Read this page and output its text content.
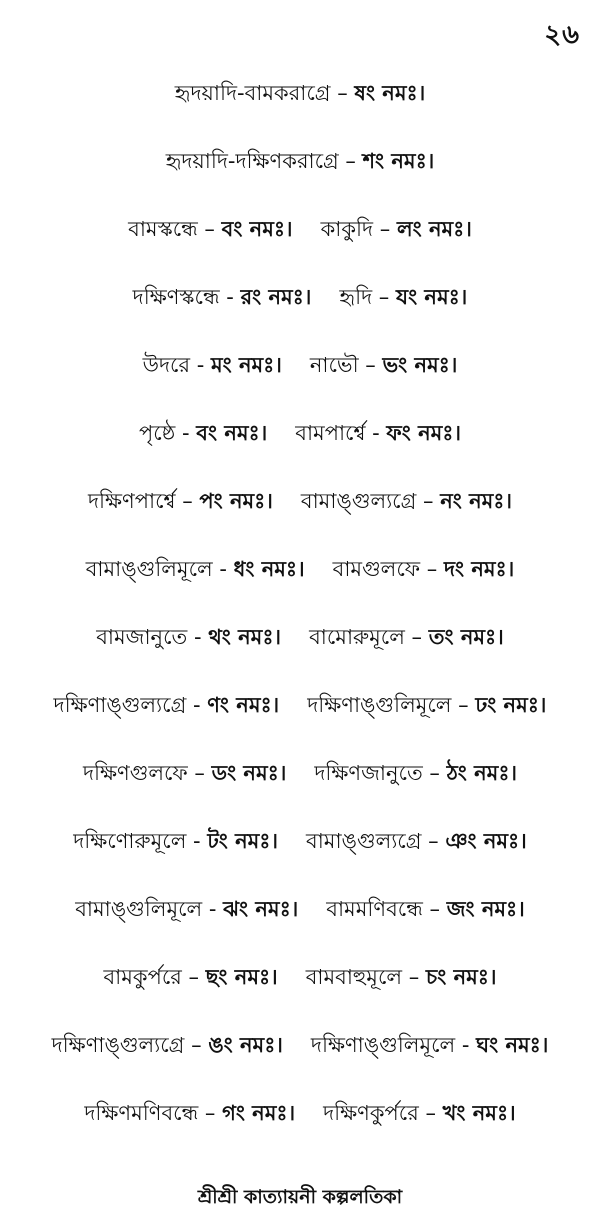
২৬
হৃদয়াদি-বামকরাগ্রে – ষং নমঃ।
হৃদয়াদি-দক্ষিণকরাগ্রে – শং নমঃ।
বামস্কন্ধে – বং নমঃ। কাকুদি – লং নমঃ।
দক্ষিণস্কন্ধে - রং নমঃ। হৃদি – যং নমঃ।
উদরে - মং নমঃ। নাভৌ – ভং নমঃ।
পৃষ্ঠে - বং নমঃ। বামপার্শ্বে - ফং নমঃ।
দক্ষিণপার্শ্বে – পং নমঃ। বামাঙ্গুল্যগ্রে – নং নমঃ।
বামাঙ্গুলিমূলে - ধং নমঃ। বামগুলফে – দং নমঃ।
বামজানুতে - থং নমঃ। বামোরুমূলে – তং নমঃ।
দক্ষিণাঙ্গুল্যগ্রে - ণং নমঃ। দক্ষিণাঙ্গুলিমূলে – ঢং নমঃ।
দক্ষিণগুলফে – ডং নমঃ। দক্ষিণজানুতে – ঠং নমঃ।
দক্ষিণোরুমূলে - টং নমঃ। বামাঙ্গুল্যগ্রে – ঞং নমঃ।
বামাঙ্গুলিমূলে - ঝং নমঃ। বামমণিবন্ধে – জং নমঃ।
বামকুর্পরে – ছং নমঃ। বামবাহুমূলে – চং নমঃ।
দক্ষিণাঙ্গুল্যগ্রে – ঙং নমঃ। দক্ষিণাঙ্গুলিমূলে - ঘং নমঃ।
দক্ষিণমণিবন্ধে – গং নমঃ। দক্ষিণকুর্পরে – খং নমঃ।
শ্রীশ্রী কাত্যায়নী কল্পলতিকা
